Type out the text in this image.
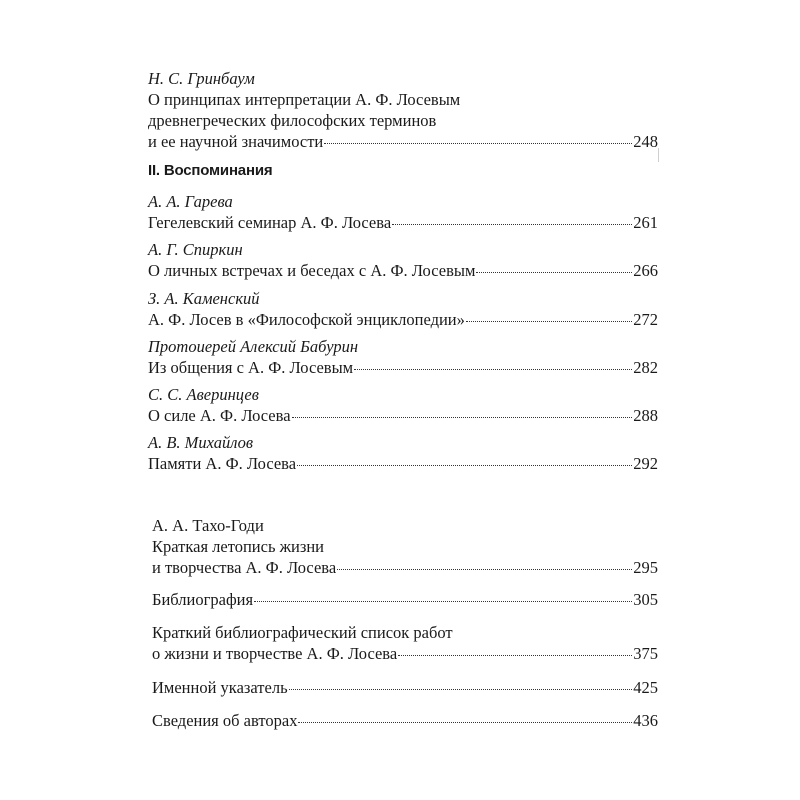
Н. С. Гринбаум
О принципах интерпретации А. Ф. Лосевым
древнегреческих философских терминов
и ее научной значимости	248
II. Воспоминания
А. А. Гарева
Гегелевский семинар А. Ф. Лосева	261
А. Г. Спиркин
О личных встречах и беседах с А. Ф. Лосевым	266
З. А. Каменский
А. Ф. Лосев в «Философской энциклопедии»	272
Протоиерей Алексий Бабурин
Из общения с А. Ф. Лосевым	282
С. С. Аверинцев
О силе А. Ф. Лосева	288
А. В. Михайлов
Памяти А. Ф. Лосева	292
А. А. Тахо-Годи
Краткая летопись жизни
и творчества А. Ф. Лосева	295
Библиография	305
Краткий библиографический список работ
о жизни и творчестве А. Ф. Лосева	375
Именной указатель	425
Сведения об авторах	436
